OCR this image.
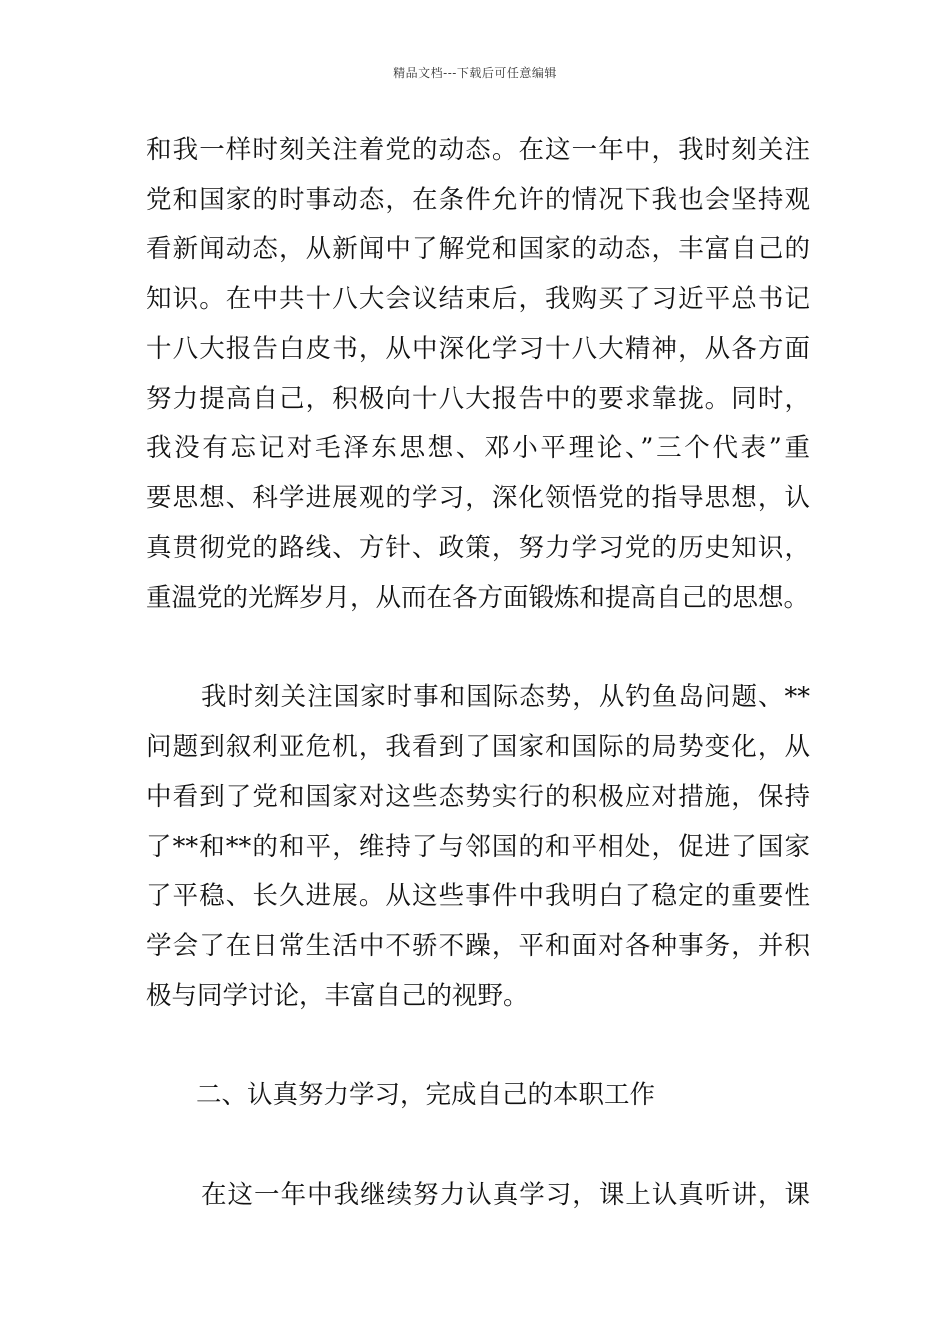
精品文档---下载后可任意编辑
和我一样时刻关注着党的动态。在这一年中，我时刻关注
党和国家的时事动态，在条件允许的情况下我也会坚持观
看新闻动态，从新闻中了解党和国家的动态，丰富自己的
知识。在中共十八大会议结束后，我购买了习近平总书记
十八大报告白皮书，从中深化学习十八大精神，从各方面
努力提高自己，积极向十八大报告中的要求靠拢。同时，
我没有忘记对毛泽东思想、邓小平理论、”三个代表”重
要思想、科学进展观的学习，深化领悟党的指导思想，认
真贯彻党的路线、方针、政策，努力学习党的历史知识，
重温党的光辉岁月，从而在各方面锻炼和提高自己的思想。
我时刻关注国家时事和国际态势，从钓鱼岛问题、**
问题到叙利亚危机，我看到了国家和国际的局势变化，从
中看到了党和国家对这些态势实行的积极应对措施，保持
了**和**的和平，维持了与邻国的和平相处，促进了国家
了平稳、长久进展。从这些事件中我明白了稳定的重要性
学会了在日常生活中不骄不躁，平和面对各种事务，并积
极与同学讨论，丰富自己的视野。
二、认真努力学习，完成自己的本职工作
在这一年中我继续努力认真学习，课上认真听讲，课
